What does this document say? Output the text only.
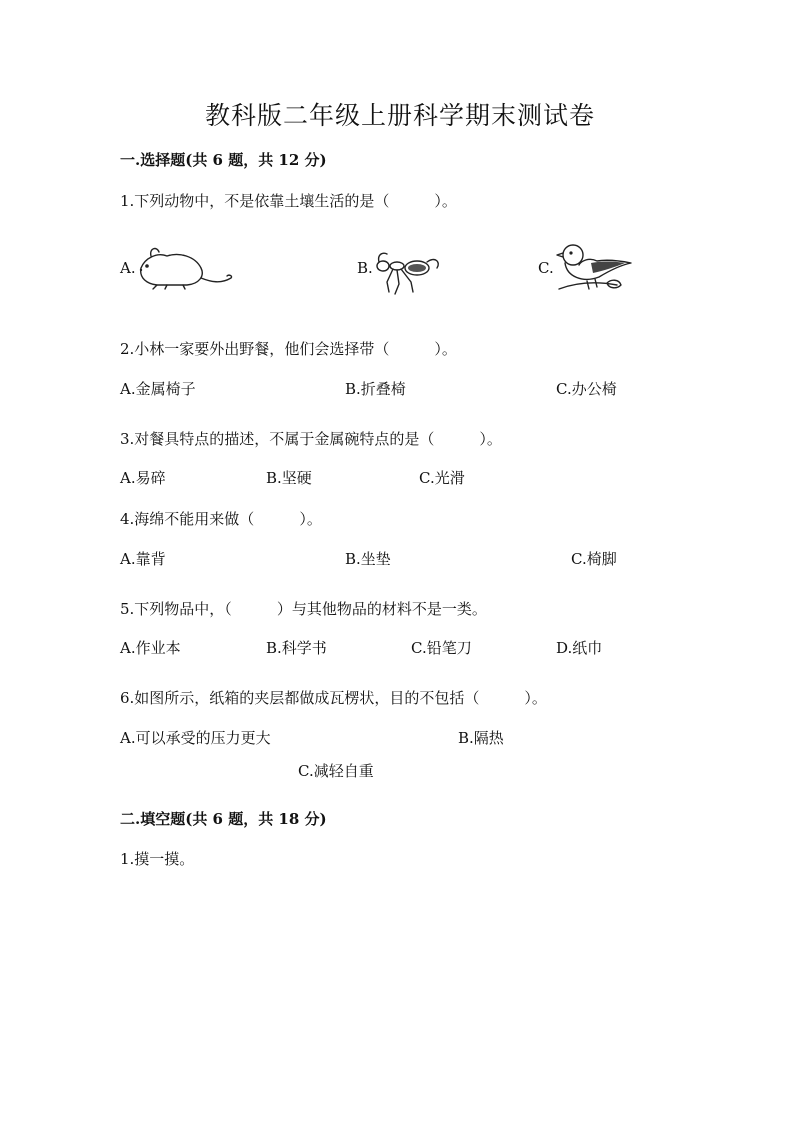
教科版二年级上册科学期末测试卷
一.选择题(共 6 题，共 12 分)
1.下列动物中，不是依靠土壤生活的是（　　　）。
A.	B.	C.
2.小林一家要外出野餐，他们会选择带（　　　）。
A.金属椅子	B.折叠椅	C.办公椅
3.对餐具特点的描述，不属于金属碗特点的是（　　　）。
A.易碎	B.坚硬	C.光滑
4.海绵不能用来做（　　　）。
A.靠背	B.坐垫	C.椅脚
5.下列物品中，（　　　）与其他物品的材料不是一类。
A.作业本	B.科学书	C.铅笔刀	D.纸巾
6.如图所示，纸箱的夹层都做成瓦楞状，目的不包括（　　　）。
A.可以承受的压力更大	B.隔热
C.减轻自重
二.填空题(共 6 题，共 18 分)
1.摸一摸。
